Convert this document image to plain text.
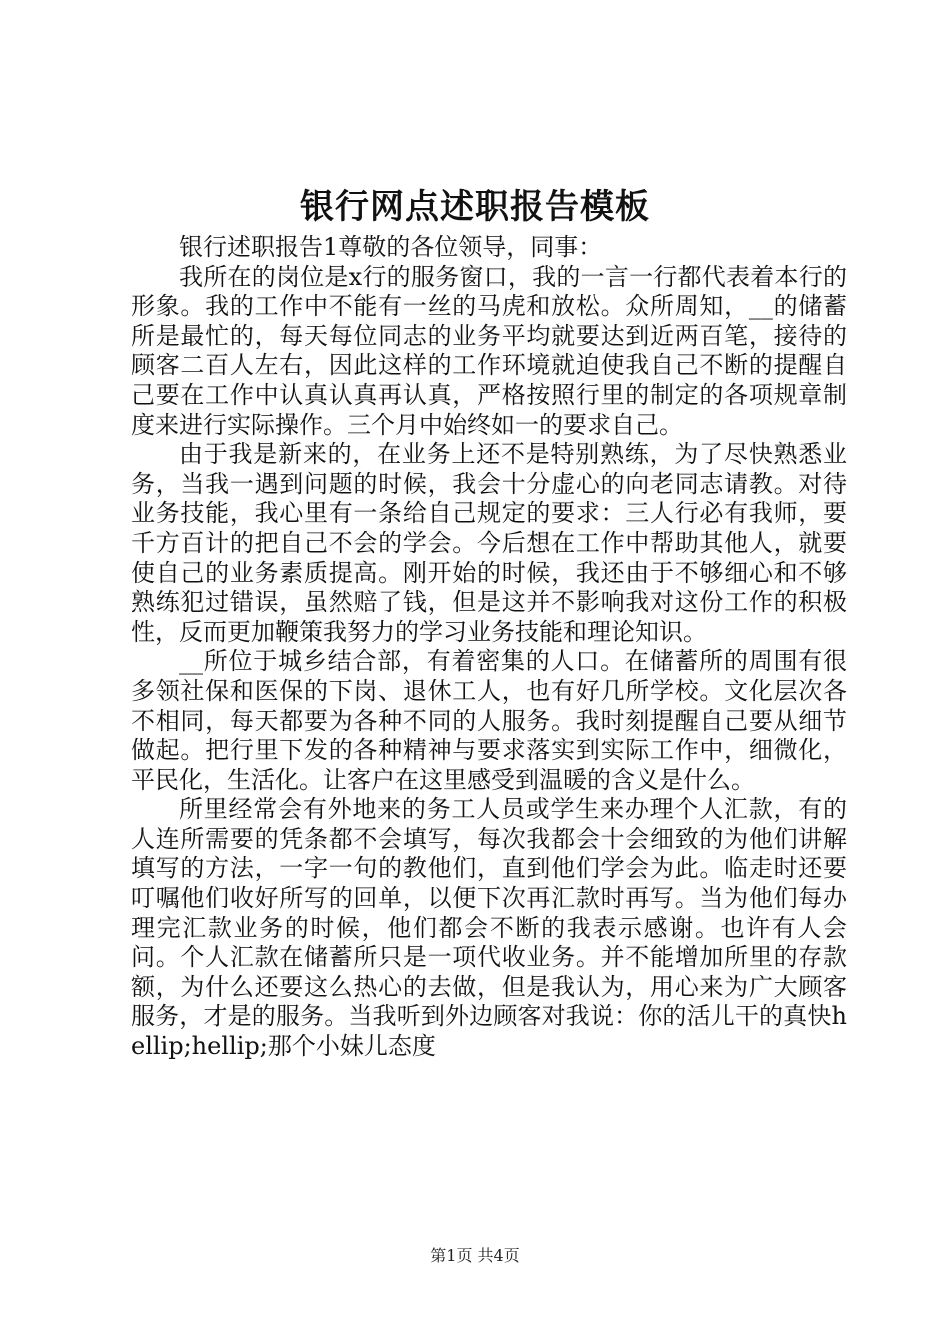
银行网点述职报告模板

银行述职报告1尊敬的各位领导，同事：

我所在的岗位是x行的服务窗口，我的一言一行都代表着本行的形象。我的工作中不能有一丝的马虎和放松。众所周知，__的储蓄所是最忙的，每天每位同志的业务平均就要达到近两百笔，接待的顾客二百人左右，因此这样的工作环境就迫使我自己不断的提醒自己要在工作中认真认真再认真，严格按照行里的制定的各项规章制度来进行实际操作。三个月中始终如一的要求自己。

由于我是新来的，在业务上还不是特别熟练，为了尽快熟悉业务，当我一遇到问题的时候，我会十分虚心的向老同志请教。对待业务技能，我心里有一条给自己规定的要求：三人行必有我师，要千方百计的把自己不会的学会。今后想在工作中帮助其他人，就要使自己的业务素质提高。刚开始的时候，我还由于不够细心和不够熟练犯过错误，虽然赔了钱，但是这并不影响我对这份工作的积极性，反而更加鞭策我努力的学习业务技能和理论知识。

__所位于城乡结合部，有着密集的人口。在储蓄所的周围有很多领社保和医保的下岗、退休工人，也有好几所学校。文化层次各不相同，每天都要为各种不同的人服务。我时刻提醒自己要从细节做起。把行里下发的各种精神与要求落实到实际工作中，细微化，平民化，生活化。让客户在这里感受到温暖的含义是什么。

所里经常会有外地来的务工人员或学生来办理个人汇款，有的人连所需要的凭条都不会填写，每次我都会十会细致的为他们讲解填写的方法，一字一句的教他们，直到他们学会为此。临走时还要叮嘱他们收好所写的回单，以便下次再汇款时再写。当为他们每办理完汇款业务的时候，他们都会不断的我表示感谢。也许有人会问。个人汇款在储蓄所只是一项代收业务。并不能增加所里的存款额，为什么还要这么热心的去做，但是我认为，用心来为广大顾客服务，才是的服务。当我听到外边顾客对我说：你的活儿干的真快hellip;hellip;那个小妹儿态度

第1页 共4页
